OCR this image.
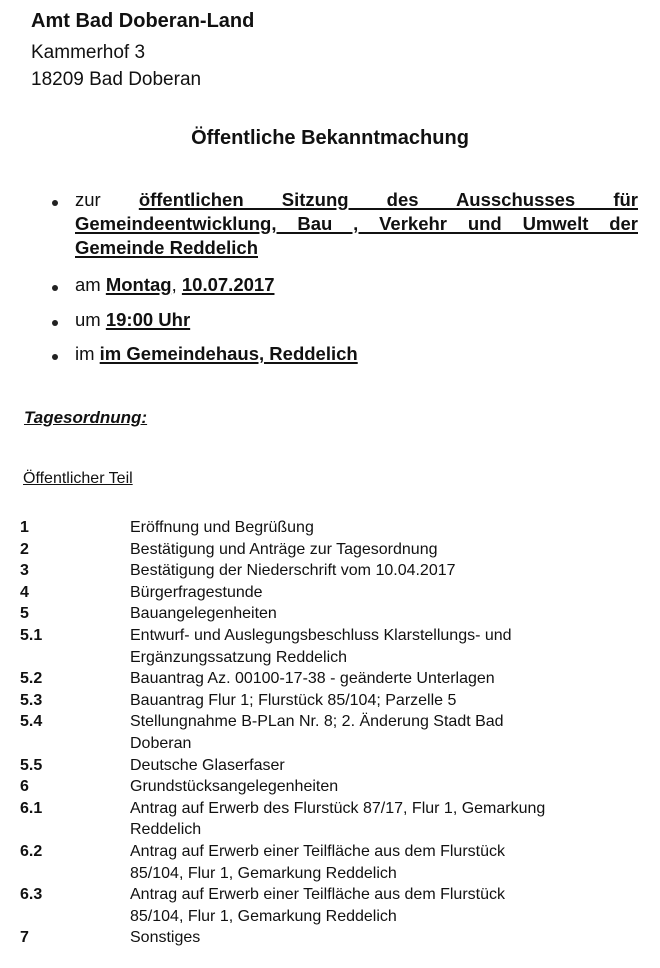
Amt Bad Doberan-Land
Kammerhof 3
18209 Bad Doberan
Öffentliche Bekanntmachung
zur öffentlichen Sitzung des Ausschusses für
Gemeindeentwicklung, Bau , Verkehr und Umwelt der
Gemeinde Reddelich
am Montag, 10.07.2017
um 19:00 Uhr
im im Gemeindehaus, Reddelich
Tagesordnung:
Öffentlicher Teil
1	Eröffnung und Begrüßung
2	Bestätigung und Anträge zur Tagesordnung
3	Bestätigung der Niederschrift vom 10.04.2017
4	Bürgerfragestunde
5	Bauangelegenheiten
5.1	Entwurf- und Auslegungsbeschluss Klarstellungs- und
Ergänzungssatzung Reddelich
5.2	Bauantrag Az. 00100-17-38 - geänderte Unterlagen
5.3	Bauantrag Flur 1; Flurstück 85/104; Parzelle 5
5.4	Stellungnahme B-PLan Nr. 8; 2. Änderung Stadt Bad
Doberan
5.5	Deutsche Glaserfaser
6	Grundstücksangelegenheiten
6.1	Antrag auf Erwerb des Flurstück 87/17, Flur 1, Gemarkung
Reddelich
6.2	Antrag auf Erwerb einer Teilfläche aus dem Flurstück
85/104, Flur 1, Gemarkung Reddelich
6.3	Antrag auf Erwerb einer Teilfläche aus dem Flurstück
85/104, Flur 1, Gemarkung Reddelich
7	Sonstiges
